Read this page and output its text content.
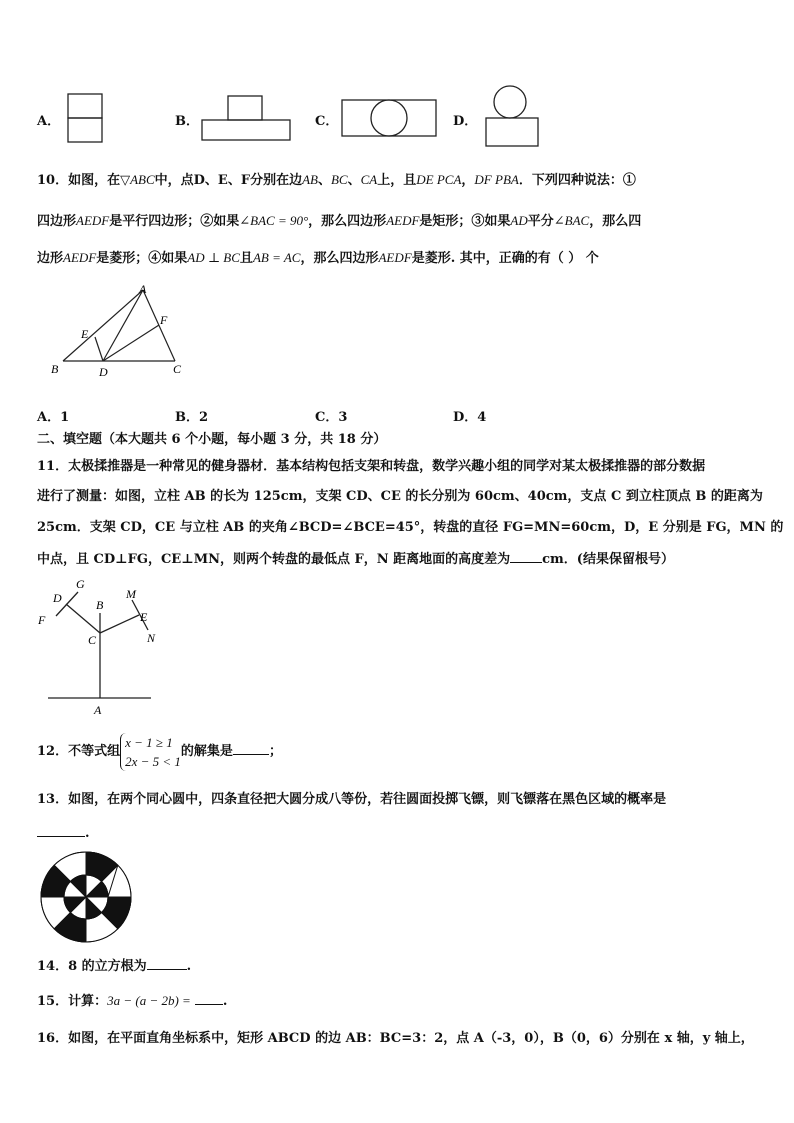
A．	B．	C．	D．
10．如图，在▽ABC中，点D、E、F分别在边AB、BC、CA上，且DE PCA，DF PBA．下列四种说法：①
四边形AEDF是平行四边形；②如果∠BAC = 90°，那么四边形AEDF是矩形；③如果AD平分∠BAC，那么四
边形AEDF是菱形；④如果AD ⊥ BC且AB = AC，那么四边形AEDF是菱形. 其中，正确的有（ ） 个
A
E
F
B	D	C
A．1	B．2	C．3	D．4
二、填空题（本大题共 6 个小题，每小题 3 分，共 18 分）
11．太极揉推器是一种常见的健身器材．基本结构包括支架和转盘，数学兴趣小组的同学对某太极揉推器的部分数据
进行了测量：如图，立柱 AB 的长为 125cm，支架 CD、CE 的长分别为 60cm、40cm，支点 C 到立柱顶点 B 的距离为
25cm．支架 CD，CE 与立柱 AB 的夹角∠BCD=∠BCE=45°，转盘的直径 FG=MN=60cm，D，E 分别是 FG，MN 的
中点，且 CD⊥FG，CE⊥MN，则两个转盘的最低点 F，N 距离地面的高度差为 cm．(结果保留根号）
G
D	B
M
E
F
C	N
A
12．不等式组x − 1 ≥ 1
2x − 5 < 1的解集是	；
13．如图，在两个同心圆中，四条直径把大圆分成八等份，若往圆面投掷飞镖，则飞镖落在黑色区域的概率是
.
14．8 的立方根为	.
15．计算：3a − (a − 2b) = .
16．如图，在平面直角坐标系中，矩形 ABCD 的边 AB：BC=3：2，点 A（-3，0），B（0，6）分别在 x 轴，y 轴上，
